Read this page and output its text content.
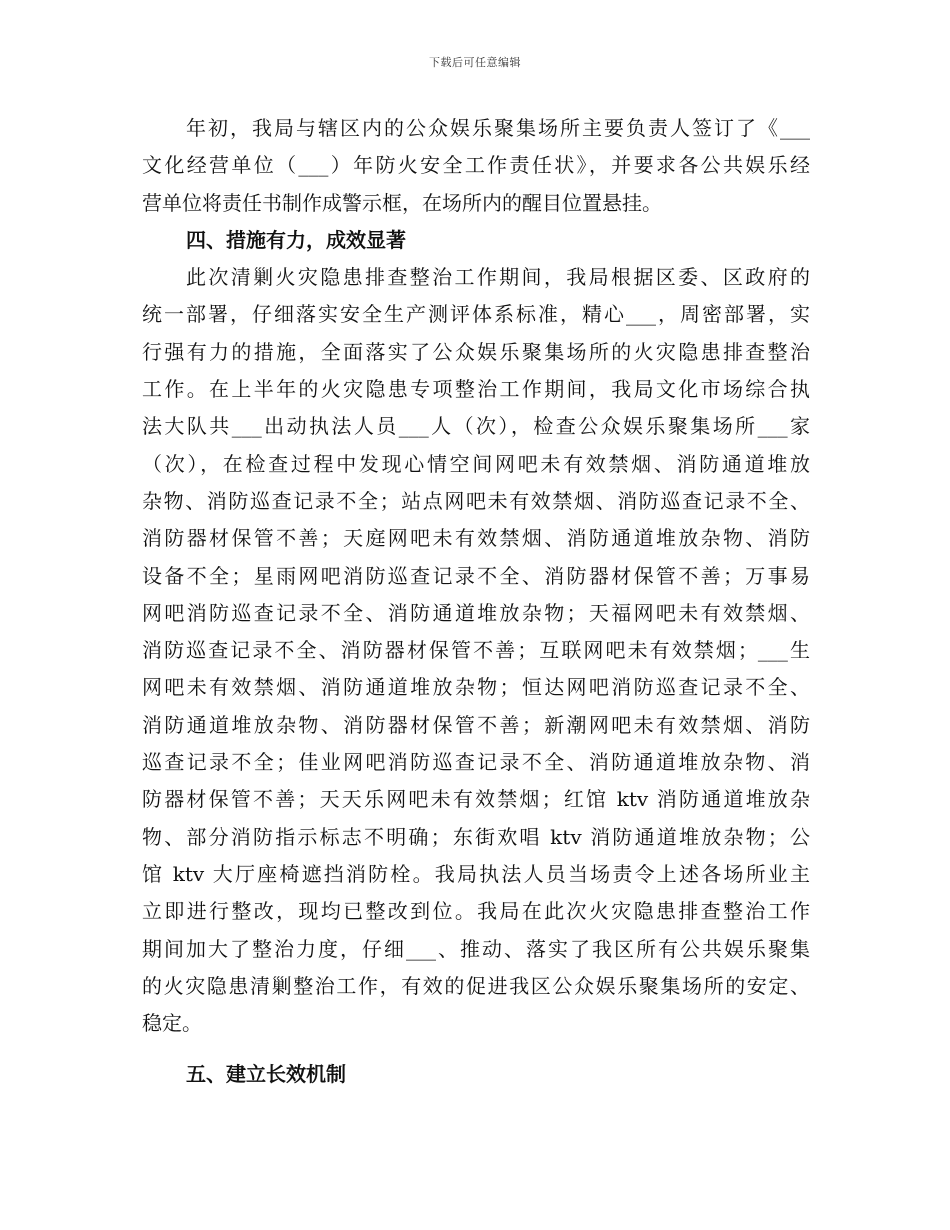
下载后可任意编辑
年初，我局与辖区内的公众娱乐聚集场所主要负责人签订了《___
文化经营单位（___）年防火安全工作责任状》，并要求各公共娱乐经
营单位将责任书制作成警示框，在场所内的醒目位置悬挂。
四、措施有力，成效显著
此次清剿火灾隐患排查整治工作期间，我局根据区委、区政府的
统一部署，仔细落实安全生产测评体系标准，精心___，周密部署，实
行强有力的措施，全面落实了公众娱乐聚集场所的火灾隐患排查整治
工作。在上半年的火灾隐患专项整治工作期间，我局文化市场综合执
法大队共___出动执法人员___人（次），检查公众娱乐聚集场所___家
（次），在检查过程中发现心情空间网吧未有效禁烟、消防通道堆放
杂物、消防巡查记录不全；站点网吧未有效禁烟、消防巡查记录不全、
消防器材保管不善；天庭网吧未有效禁烟、消防通道堆放杂物、消防
设备不全；星雨网吧消防巡查记录不全、消防器材保管不善；万事易
网吧消防巡查记录不全、消防通道堆放杂物；天福网吧未有效禁烟、
消防巡查记录不全、消防器材保管不善；互联网吧未有效禁烟；___生
网吧未有效禁烟、消防通道堆放杂物；恒达网吧消防巡查记录不全、
消防通道堆放杂物、消防器材保管不善；新潮网吧未有效禁烟、消防
巡查记录不全；佳业网吧消防巡查记录不全、消防通道堆放杂物、消
防器材保管不善；天天乐网吧未有效禁烟；红馆 ktv 消防通道堆放杂
物、部分消防指示标志不明确；东街欢唱 ktv 消防通道堆放杂物；公
馆 ktv 大厅座椅遮挡消防栓。我局执法人员当场责令上述各场所业主
立即进行整改，现均已整改到位。我局在此次火灾隐患排查整治工作
期间加大了整治力度，仔细___、推动、落实了我区所有公共娱乐聚集
的火灾隐患清剿整治工作，有效的促进我区公众娱乐聚集场所的安定、
稳定。
五、建立长效机制
